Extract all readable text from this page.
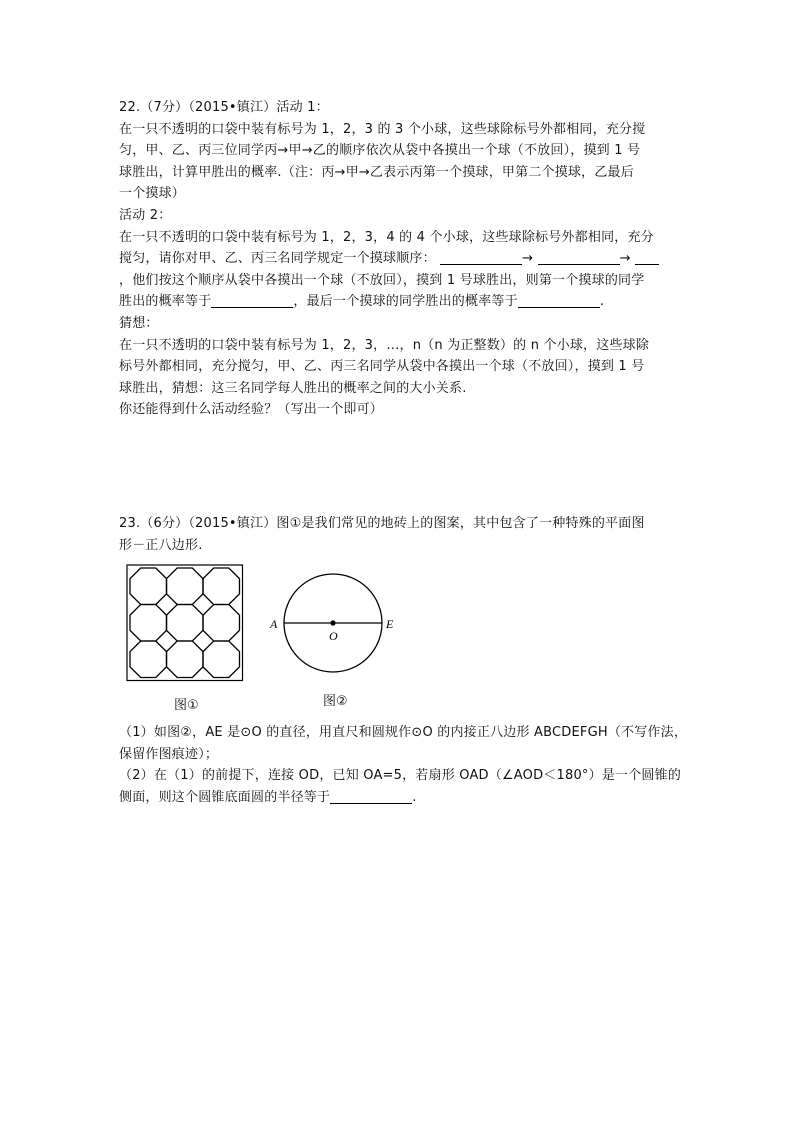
22.（7分）（2015•镇江）活动 1：
在一只不透明的口袋中装有标号为 1，2，3 的 3 个小球，这些球除标号外都相同，充分搅
匀，甲、乙、丙三位同学丙→甲→乙的顺序依次从袋中各摸出一个球（不放回），摸到 1 号
球胜出，计算甲胜出的概率.（注：丙→甲→乙表示丙第一个摸球，甲第二个摸球，乙最后
一个摸球）
活动 2：
在一只不透明的口袋中装有标号为 1，2，3，4 的 4 个小球，这些球除标号外都相同，充分
搅匀，请你对甲、乙、丙三名同学规定一个摸球顺序：	→	→
，他们按这个顺序从袋中各摸出一个球（不放回），摸到 1 号球胜出，则第一个摸球的同学
胜出的概率等于	，最后一个摸球的同学胜出的概率等于	.
猜想：
在一只不透明的口袋中装有标号为 1，2，3，…，n（n 为正整数）的 n 个小球，这些球除
标号外都相同，充分搅匀，甲、乙、丙三名同学从袋中各摸出一个球（不放回），摸到 1 号
球胜出，猜想：这三名同学每人胜出的概率之间的大小关系.
你还能得到什么活动经验？（写出一个即可）
23.（6分）（2015•镇江）图①是我们常见的地砖上的图案，其中包含了一种特殊的平面图
形－正八边形.
图①
A
O
E
图②
（1）如图②，AE 是⊙O 的直径，用直尺和圆规作⊙O 的内接正八边形 ABCDEFGH（不写作法，
保留作图痕迹）；
（2）在（1）的前提下，连接 OD，已知 OA=5，若扇形 OAD（∠AOD＜180°）是一个圆锥的
侧面，则这个圆锥底面圆的半径等于	.
